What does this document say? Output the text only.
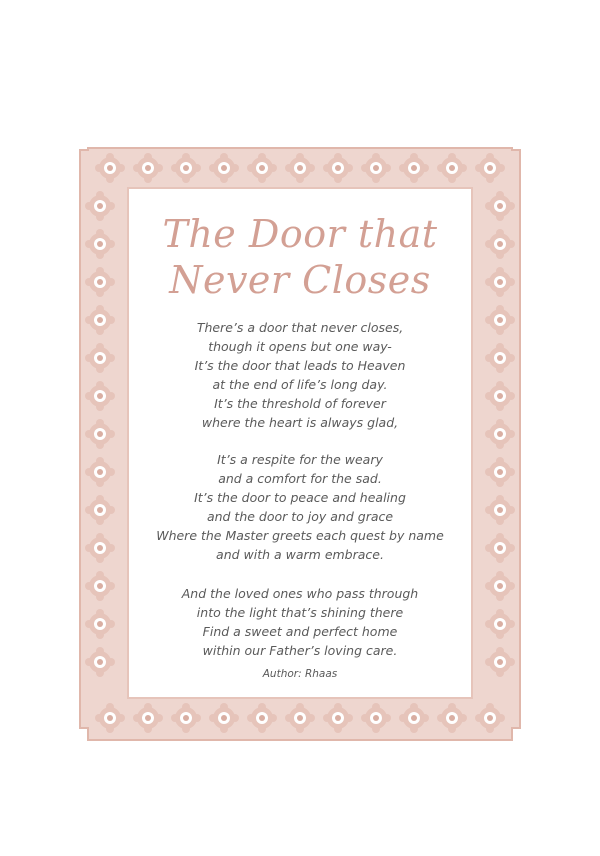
The Door that
Never Closes
There’s a door that never closes,
though it opens but one way-
It’s the door that leads to Heaven
at the end of life’s long day.
It’s the threshold of forever
where the heart is always glad,
It’s a respite for the weary
and a comfort for the sad.
It’s the door to peace and healing
and the door to joy and grace
Where the Master greets each quest by name
and with a warm embrace.
And the loved ones who pass through
into the light that’s shining there
Find a sweet and perfect home
within our Father’s loving care.
Author: Rhaas
